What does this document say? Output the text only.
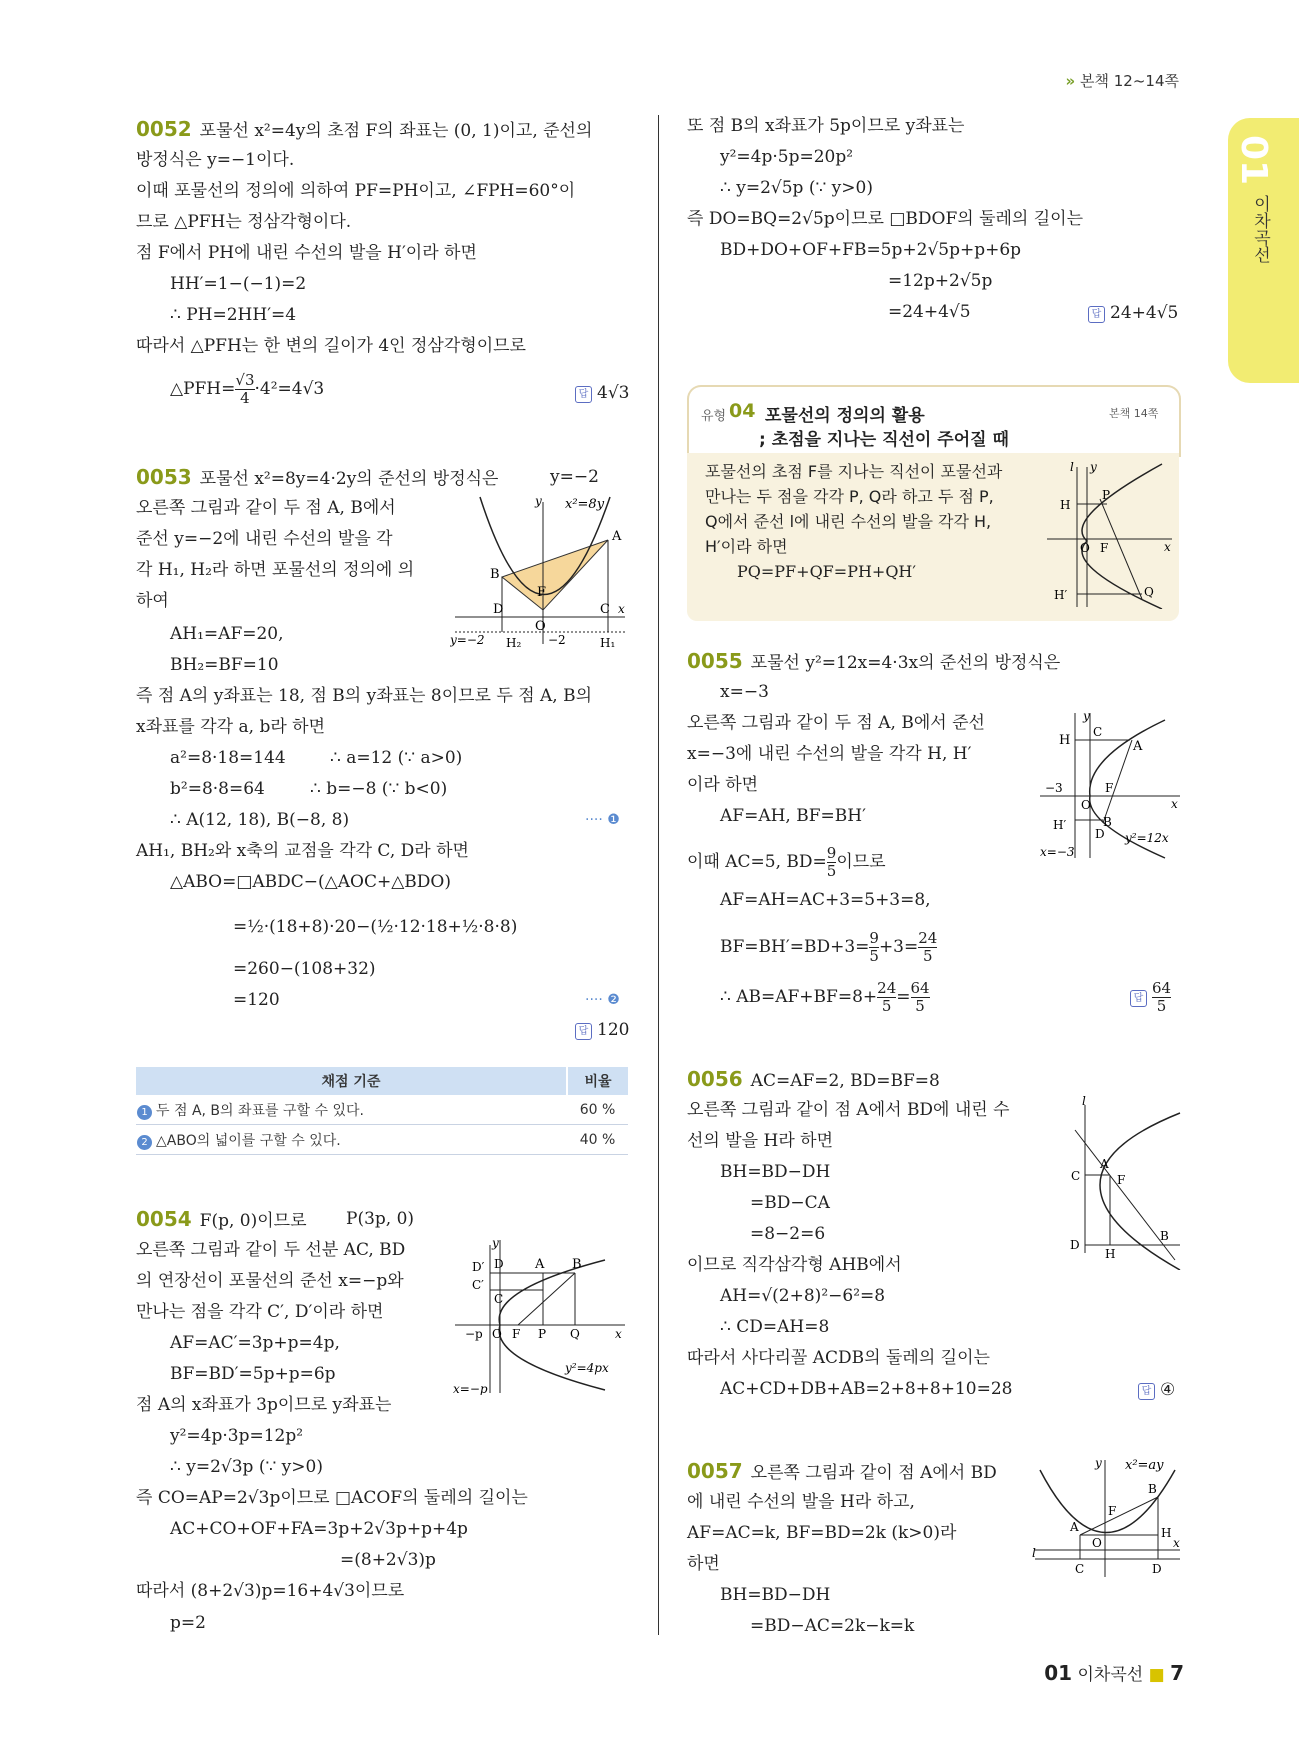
» 본책 12~14쪽
01
이차곡선
0052 포물선 x²=4y의 초점 F의 좌표는 (0, 1)이고, 준선의
방정식은 y=−1이다.
이때 포물선의 정의에 의하여 PF=PH이고, ∠FPH=60°이
므로 △PFH는 정삼각형이다.
점 F에서 PH에 내린 수선의 발을 H′이라 하면
HH′=1−(−1)=2
∴ PH=2HH′=4
따라서 △PFH는 한 변의 길이가 4인 정삼각형이므로
△PFH= $\frac{√3}{4} \cdot 4^2=4√3$	답 4√3
0053 포물선 x²=8y=4·2y의 준선의 방정식은	y=−2
오른쪽 그림과 같이 두 점 A, B에서
준선 y=−2에 내린 수선의 발을 각
각 H₁, H₂라 하면 포물선의 정의에 의
하여
AH₁=AF=20,
BH₂=BF=10
즉 점 A의 y좌표는 18, 점 B의 y좌표는 8이므로 두 점 A, B의
x좌표를 각각 a, b라 하면
a²=8·18=144	∴ a=12 (∵ a>0)
b²=8·8=64	∴ b=−8 (∵ b<0)
∴ A(12, 18), B(−8, 8)	···· ❶
AH₁, BH₂와 x축의 교점을 각각 C, D라 하면
△ABO=□ABDC−(△AOC+△BDO)
=½·(18+8)·20−(½·12·18+½·8·8)
=260−(108+32)
=120	···· ❷
답 120
y x²=8y
A
B
F
C
D
O
x
y=−2 H₂ −2	H₁
채점 기준	비율
1 두 점 A, B의 좌표를 구할 수 있다.	60 %
2 △ABO의 넓이를 구할 수 있다.	40 %
0054 F(p, 0)이므로 P(3p, 0)
오른쪽 그림과 같이 두 선분 AC, BD
의 연장선이 포물선의 준선 x=−p와
만나는 점을 각각 C′, D′이라 하면
AF=AC′=3p+p=4p,
BF=BD′=5p+p=6p
점 A의 x좌표가 3p이므로 y좌표는
y²=4p·3p=12p²
∴ y=2√3p (∵ y>0)
즉 CO=AP=2√3p이므로 □ACOF의 둘레의 길이는
AC+CO+OF+FA=3p+2√3p+p+4p
=(8+2√3)p
따라서 (8+2√3)p=16+4√3이므로
p=2
y
A B
D′ D
C′
C
−p O F P Q	x
y²=4px
x=−p
또 점 B의 x좌표가 5p이므로 y좌표는
y²=4p·5p=20p²
∴ y=2√5p (∵ y>0)
즉 DO=BQ=2√5p이므로 □BDOF의 둘레의 길이는
BD+DO+OF+FB=5p+2√5p+p+6p
=12p+2√5p
=24+4√5	답 24+4√5
유형 04 포물선의 정의의 활용
; 초점을 지나는 직선이 주어질 때
본책 14쪽
포물선의 초점 F를 지나는 직선이 포물선과
만나는 두 점을 각각 P, Q라 하고 두 점 P,
Q에서 준선 l에 내린 수선의 발을 각각 H,
H′이라 하면
PQ=PF+QF=PH+QH′
l y
H
P
O F	x
H′	Q
0055 포물선 y²=12x=4·3x의 준선의 방정식은
x=−3
오른쪽 그림과 같이 두 점 A, B에서 준선
x=−3에 내린 수선의 발을 각각 H, H′
이라 하면
AF=AH, BF=BH′
이때 AC=5, $BD= \frac{9}{5}$ 이므로
AF=AH=AC+3=5+3=8,
$BF=BH'=BD+3= \frac{9}{5} +3= \frac{24}{5}$
∴ $AB=AF+BF=8+ \frac{24}{5} = \frac{64}{5}$	답 $\frac{64}{5}$
y
H
C
A
−3	F
O	x
H′	B
D y²=12x
x=−3
0056 AC=AF=2, BD=BF=8
오른쪽 그림과 같이 점 A에서 BD에 내린 수
선의 발을 H라 하면
BH=BD−DH
=BD−CA
=8−2=6
이므로 직각삼각형 AHB에서
AH=√(2+8)²−6²=8
∴ CD=AH=8
따라서 사다리꼴 ACDB의 둘레의 길이는
AC+CD+DB+AB=2+8+8+10=28	답 ④
l
A
C	F
D
H
B
0057 오른쪽 그림과 같이 점 A에서 BD
에 내린 수선의 발을 H라 하고,
AF=AC=k, BF=BD=2k (k>0)라
하면
BH=BD−DH
=BD−AC=2k−k=k
y x²=ay
B
F
A	H
O	x
l
C	D
01 이차곡선 ■ 7
